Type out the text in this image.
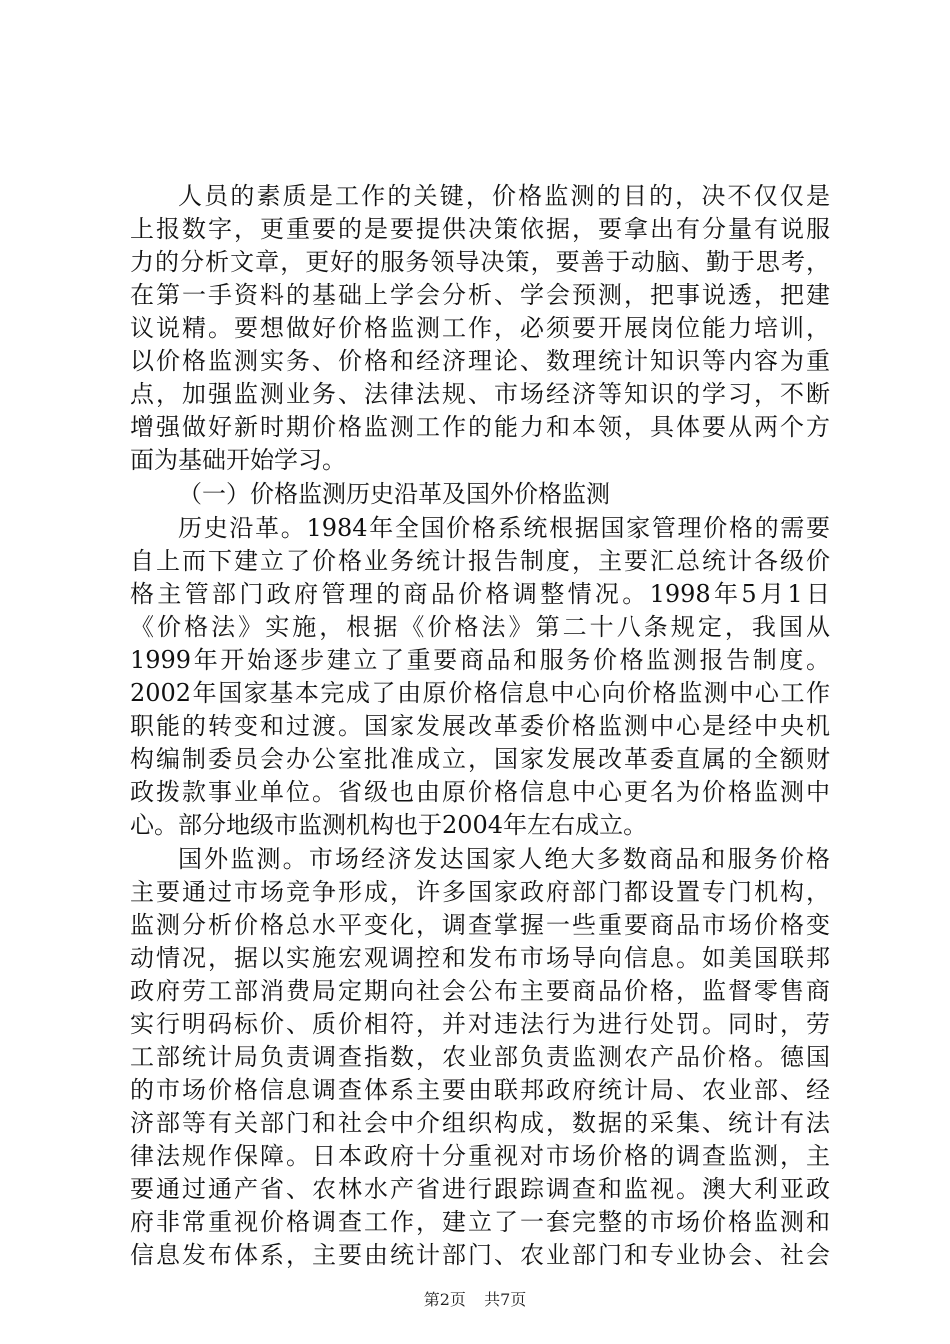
人员的素质是工作的关键，价格监测的目的，决不仅仅是
上报数字，更重要的是要提供决策依据，要拿出有分量有说服
力的分析文章，更好的服务领导决策，要善于动脑、勤于思考，
在第一手资料的基础上学会分析、学会预测，把事说透，把建
议说精。要想做好价格监测工作，必须要开展岗位能力培训，
以价格监测实务、价格和经济理论、数理统计知识等内容为重
点，加强监测业务、法律法规、市场经济等知识的学习，不断
增强做好新时期价格监测工作的能力和本领，具体要从两个方
面为基础开始学习。
（一）价格监测历史沿革及国外价格监测
历史沿革。1984年全国价格系统根据国家管理价格的需要
自上而下建立了价格业务统计报告制度，主要汇总统计各级价
格主管部门政府管理的商品价格调整情况。1998年5月1日
《价格法》实施，根据《价格法》第二十八条规定，我国从
1999年开始逐步建立了重要商品和服务价格监测报告制度。
2002年国家基本完成了由原价格信息中心向价格监测中心工作
职能的转变和过渡。国家发展改革委价格监测中心是经中央机
构编制委员会办公室批准成立，国家发展改革委直属的全额财
政拨款事业单位。省级也由原价格信息中心更名为价格监测中
心。部分地级市监测机构也于2004年左右成立。
国外监测。市场经济发达国家人绝大多数商品和服务价格
主要通过市场竞争形成，许多国家政府部门都设置专门机构，
监测分析价格总水平变化，调查掌握一些重要商品市场价格变
动情况，据以实施宏观调控和发布市场导向信息。如美国联邦
政府劳工部消费局定期向社会公布主要商品价格，监督零售商
实行明码标价、质价相符，并对违法行为进行处罚。同时，劳
工部统计局负责调查指数，农业部负责监测农产品价格。德国
的市场价格信息调查体系主要由联邦政府统计局、农业部、经
济部等有关部门和社会中介组织构成，数据的采集、统计有法
律法规作保障。日本政府十分重视对市场价格的调查监测，主
要通过通产省、农林水产省进行跟踪调查和监视。澳大利亚政
府非常重视价格调查工作，建立了一套完整的市场价格监测和
信息发布体系，主要由统计部门、农业部门和专业协会、社会
第2页 共7页
